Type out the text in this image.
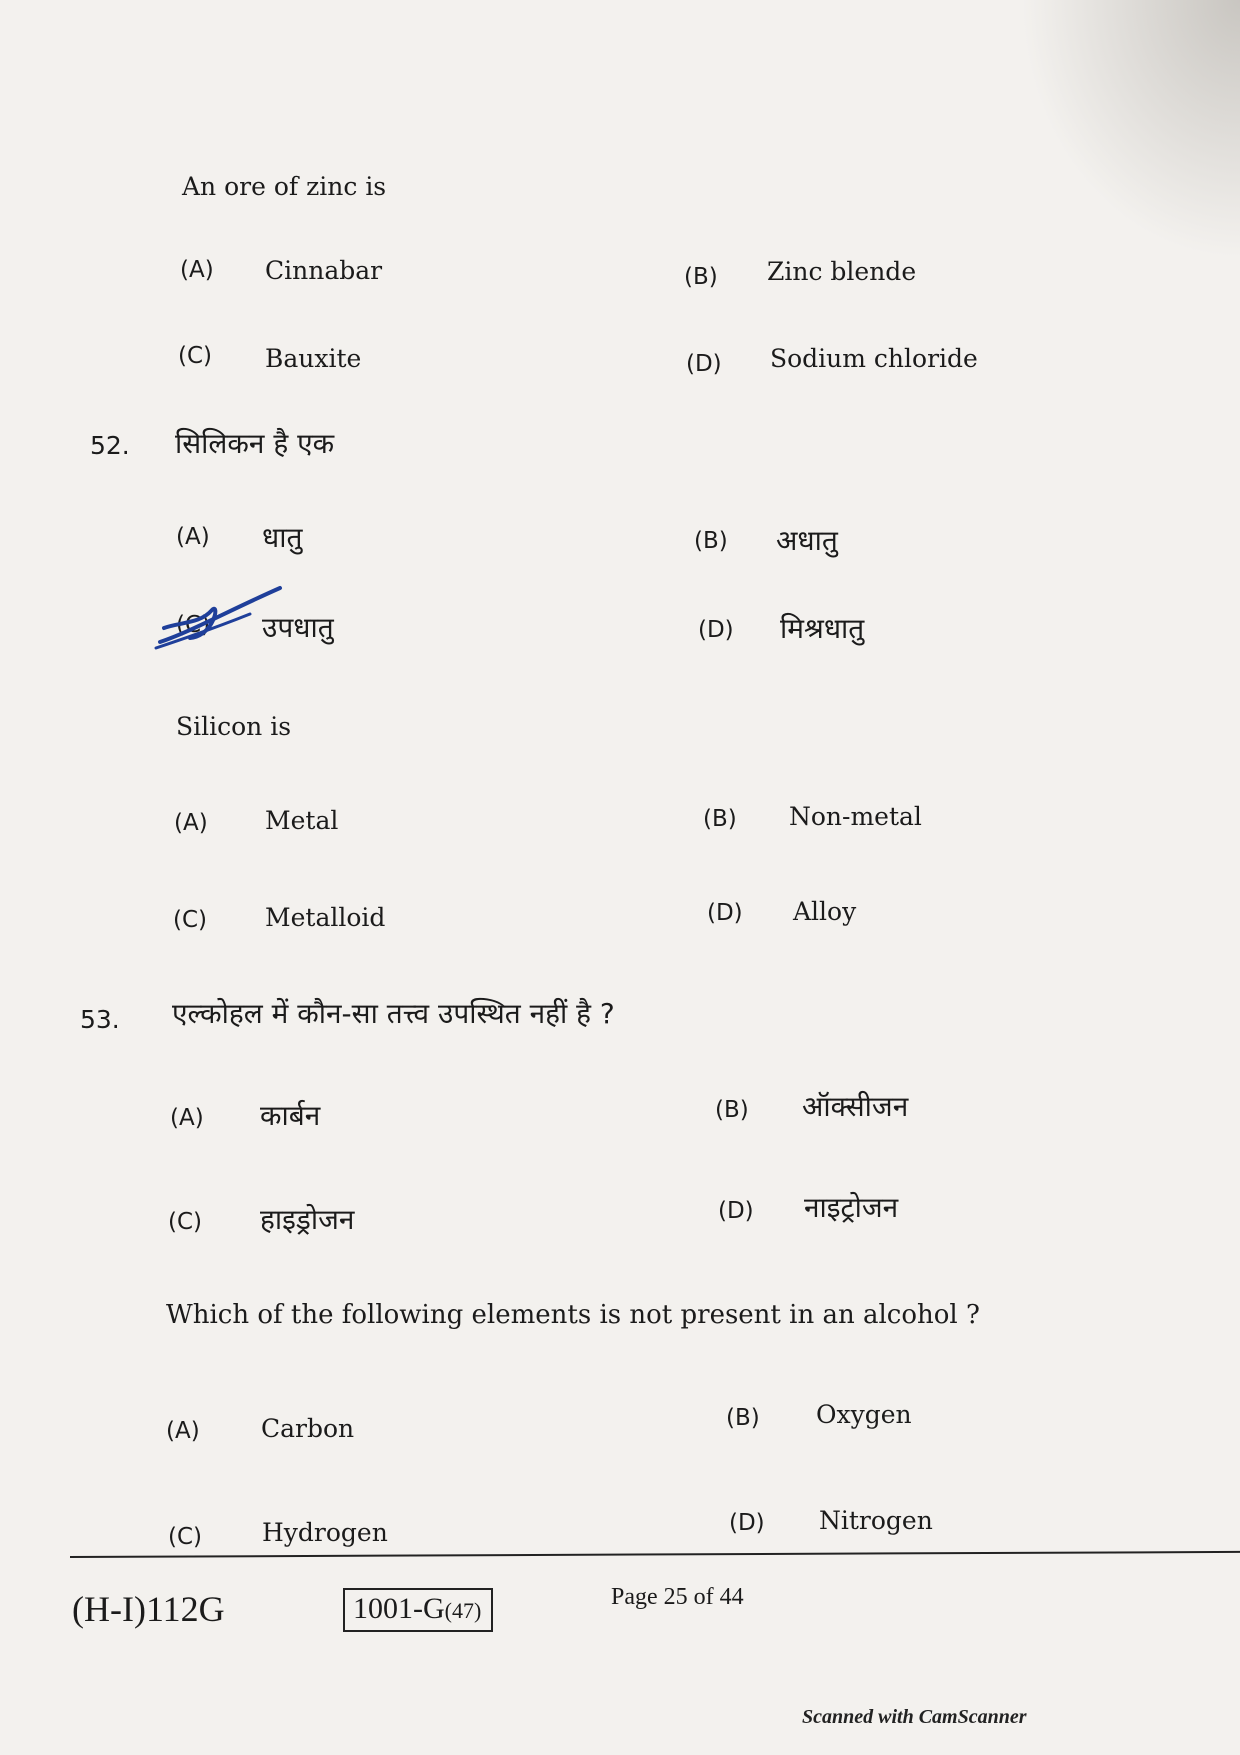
An ore of zinc is
(A) Cinnabar	(B) Zinc blende
(C) Bauxite	(D) Sodium chloride
52. सिलिकन है एक
(A) धातु	(B) अधातु
(C) उपधातु	(D) मिश्रधातु
Silicon is
(A) Metal	(B) Non-metal
(C) Metalloid	(D) Alloy
53. एल्कोहल में कौन-सा तत्त्व उपस्थित नहीं है ?
(A) कार्बन	(B) ऑक्सीजन
(C) हाइड्रोजन	(D) नाइट्रोजन
Which of the following elements is not present in an alcohol ?
(A) Carbon	(B) Oxygen
(C) Hydrogen	(D) Nitrogen
(H-I)112G	1001-G(47)
Page 25 of 44
Scanned with CamScanner
